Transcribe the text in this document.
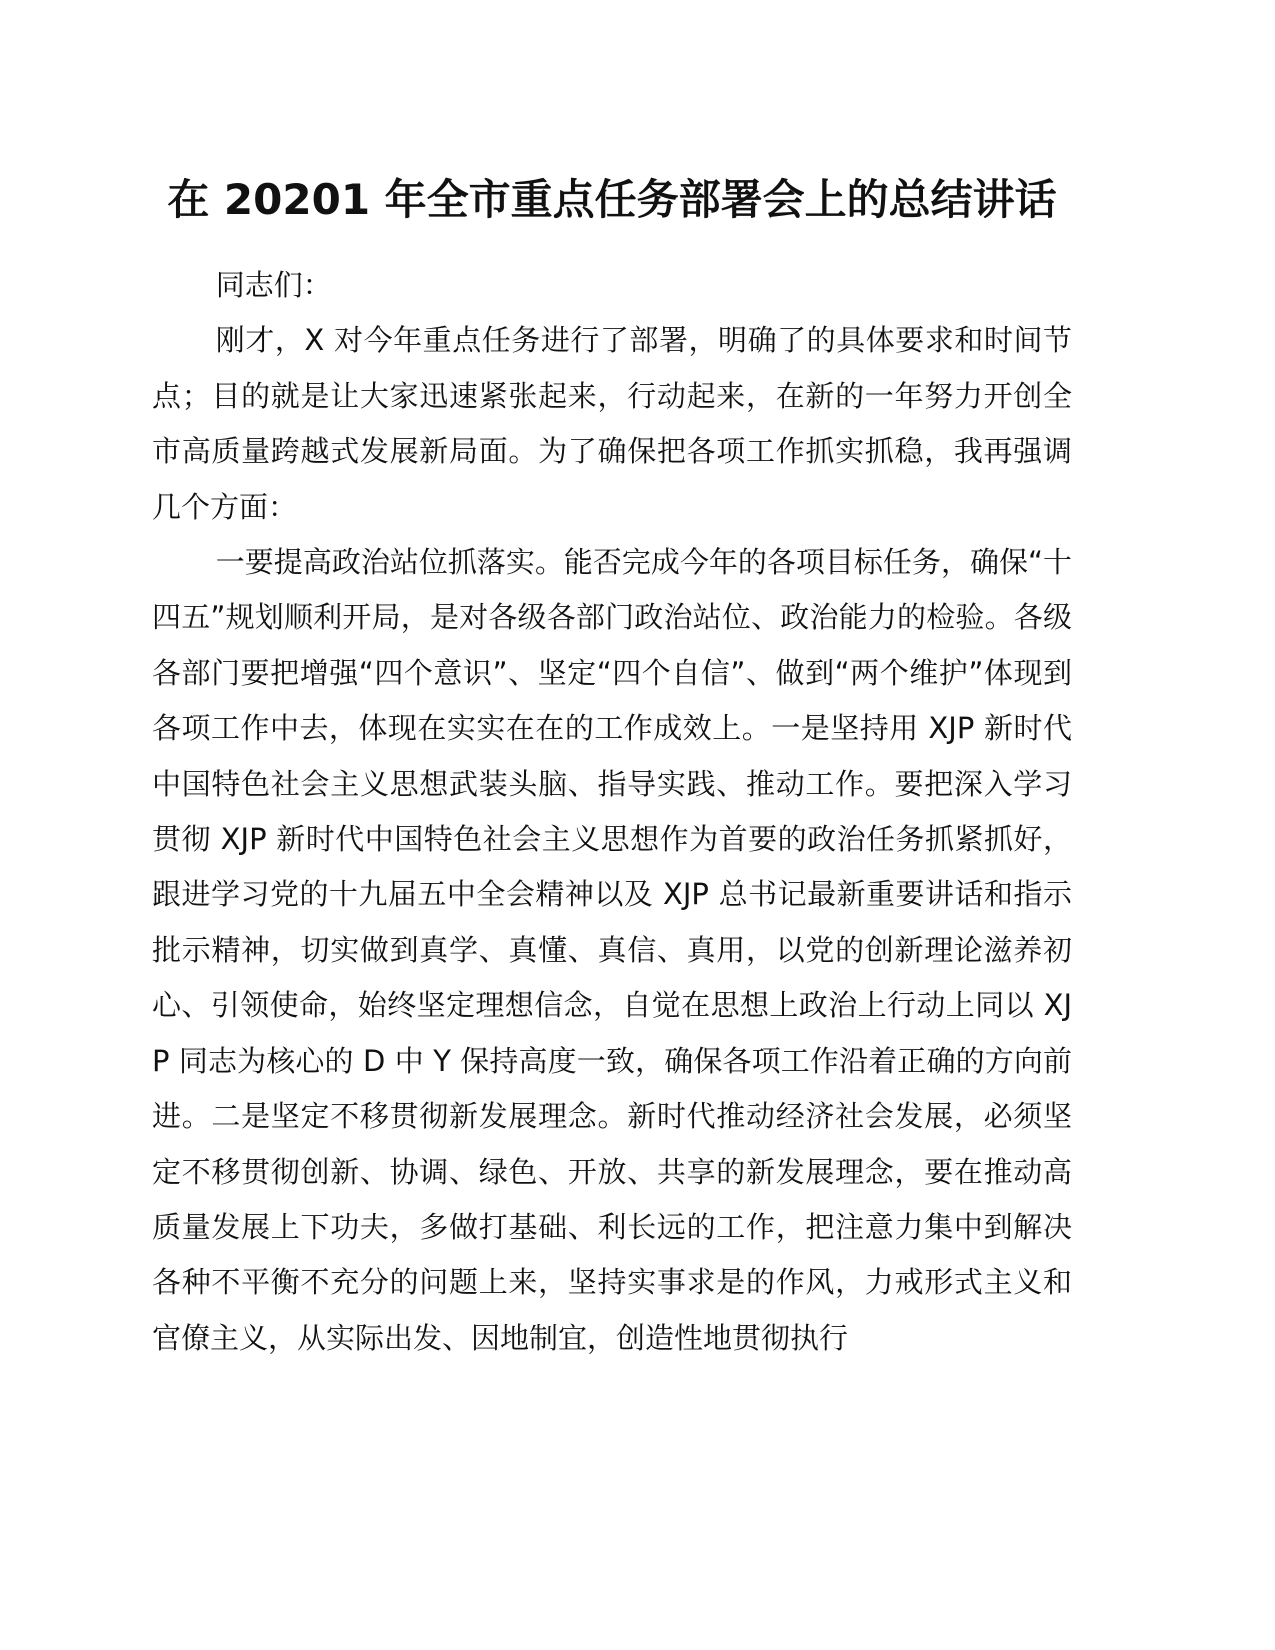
在 20201 年全市重点任务部署会上的总结讲话

同志们：

刚才，X 对今年重点任务进行了部署，明确了的具体要求和时间节点；目的就是让大家迅速紧张起来，行动起来，在新的一年努力开创全市高质量跨越式发展新局面。为了确保把各项工作抓实抓稳，我再强调几个方面：

一要提高政治站位抓落实。能否完成今年的各项目标任务，确保“十四五”规划顺利开局，是对各级各部门政治站位、政治能力的检验。各级各部门要把增强“四个意识”、坚定“四个自信”、做到“两个维护”体现到各项工作中去，体现在实实在在的工作成效上。一是坚持用 XJP 新时代中国特色社会主义思想武装头脑、指导实践、推动工作。要把深入学习贯彻 XJP 新时代中国特色社会主义思想作为首要的政治任务抓紧抓好，跟进学习党的十九届五中全会精神以及 XJP 总书记最新重要讲话和指示批示精神，切实做到真学、真懂、真信、真用，以党的创新理论滋养初心、引领使命，始终坚定理想信念，自觉在思想上政治上行动上同以 XJP 同志为核心的 D 中 Y 保持高度一致，确保各项工作沿着正确的方向前进。二是坚定不移贯彻新发展理念。新时代推动经济社会发展，必须坚定不移贯彻创新、协调、绿色、开放、共享的新发展理念，要在推动高质量发展上下功夫，多做打基础、利长远的工作，把注意力集中到解决各种不平衡不充分的问题上来，坚持实事求是的作风，力戒形式主义和官僚主义，从实际出发、因地制宜，创造性地贯彻执行
